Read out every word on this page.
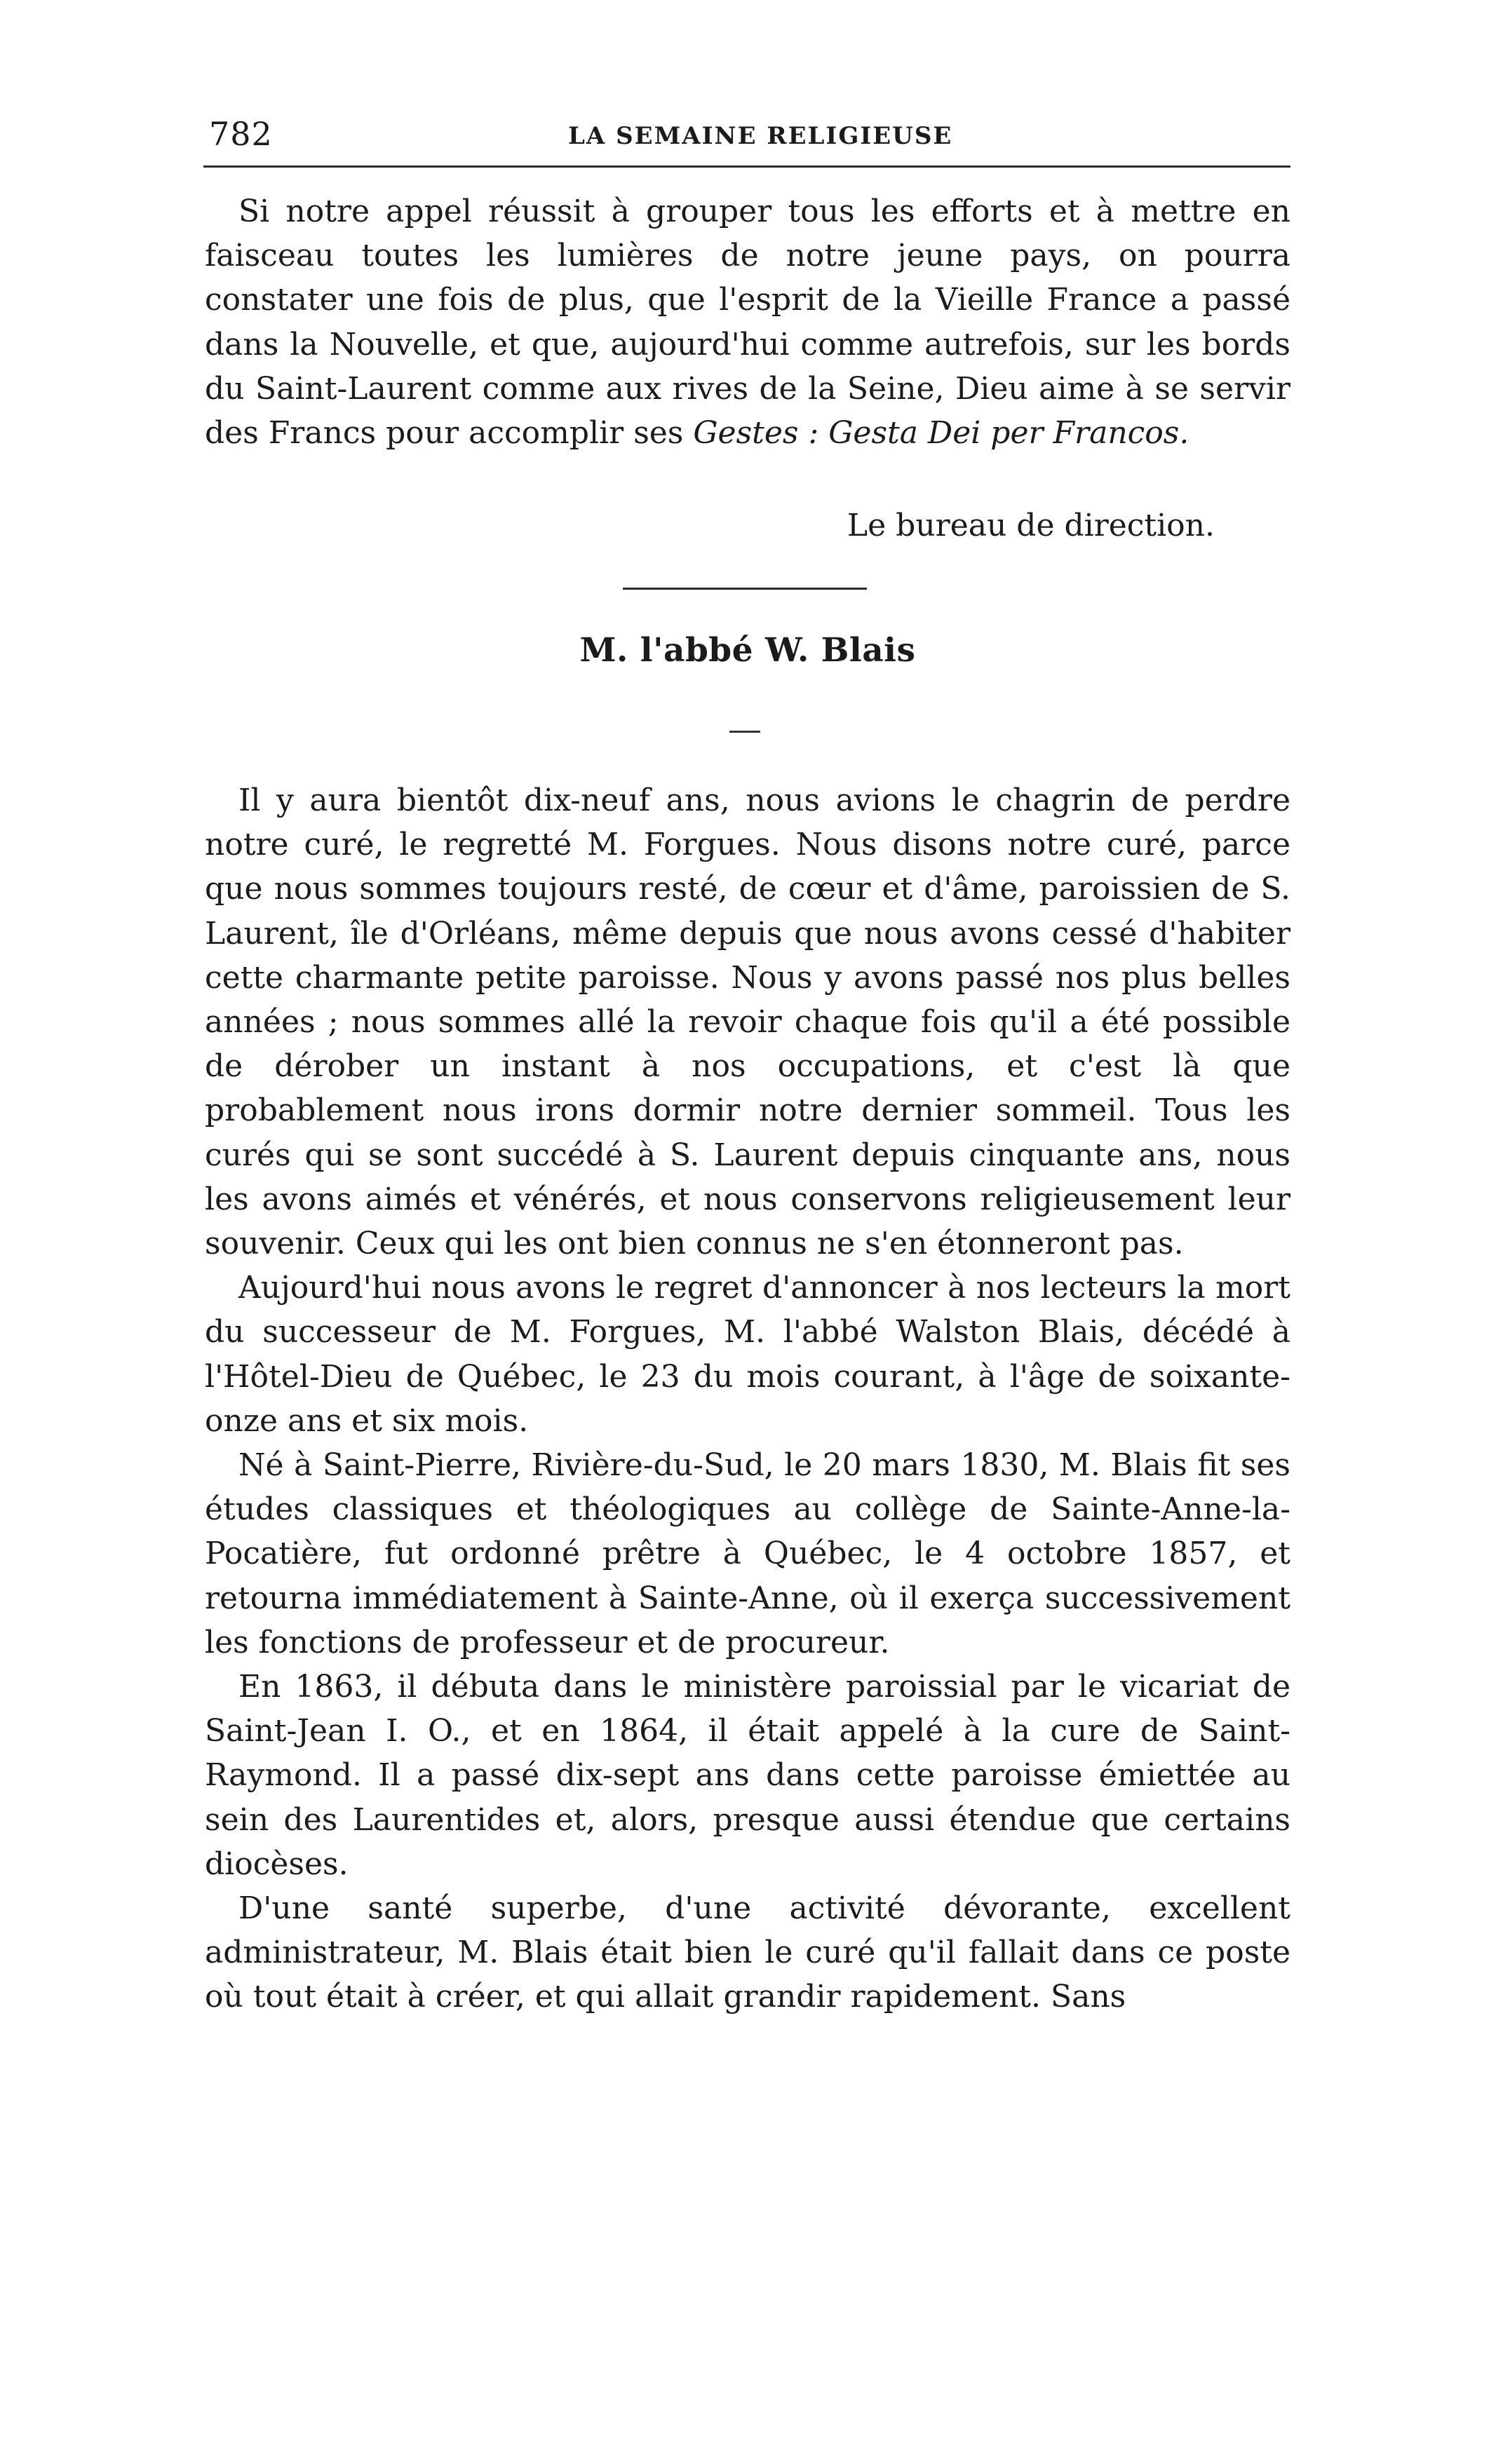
782	LA SEMAINE RELIGIEUSE

Si notre appel réussit à grouper tous les efforts et à mettre en faisceau toutes les lumières de notre jeune pays, on pourra constater une fois de plus, que l'esprit de la Vieille France a passé dans la Nouvelle, et que, aujourd'hui comme autrefois, sur les bords du Saint-Laurent comme aux rives de la Seine, Dieu aime à se servir des Francs pour accomplir ses Gestes : Gesta Dei per Francos.

Le bureau de direction.
M. l'abbé W. Blais

Il y aura bientôt dix-neuf ans, nous avions le chagrin de perdre notre curé, le regretté M. Forgues. Nous disons notre curé, parce que nous sommes toujours resté, de cœur et d'âme, paroissien de S. Laurent, île d'Orléans, même depuis que nous avons cessé d'habiter cette charmante petite paroisse. Nous y avons passé nos plus belles années ; nous sommes allé la revoir chaque fois qu'il a été possible de dérober un instant à nos occupations, et c'est là que probablement nous irons dormir notre dernier sommeil. Tous les curés qui se sont succédé à S. Laurent depuis cinquante ans, nous les avons aimés et vénérés, et nous conservons religieusement leur souvenir. Ceux qui les ont bien connus ne s'en étonneront pas.

Aujourd'hui nous avons le regret d'annoncer à nos lecteurs la mort du successeur de M. Forgues, M. l'abbé Walston Blais, décédé à l'Hôtel-Dieu de Québec, le 23 du mois courant, à l'âge de soixante-onze ans et six mois.

Né à Saint-Pierre, Rivière-du-Sud, le 20 mars 1830, M. Blais fit ses études classiques et théologiques au collège de Sainte-Anne-la-Pocatière, fut ordonné prêtre à Québec, le 4 octobre 1857, et retourna immédiatement à Sainte-Anne, où il exerça successivement les fonctions de professeur et de procureur.

En 1863, il débuta dans le ministère paroissial par le vicariat de Saint-Jean I. O., et en 1864, il était appelé à la cure de Saint-Raymond. Il a passé dix-sept ans dans cette paroisse émiettée au sein des Laurentides et, alors, presque aussi étendue que certains diocèses.

D'une santé superbe, d'une activité dévorante, excellent administrateur, M. Blais était bien le curé qu'il fallait dans ce poste où tout était à créer, et qui allait grandir rapidement. Sans
